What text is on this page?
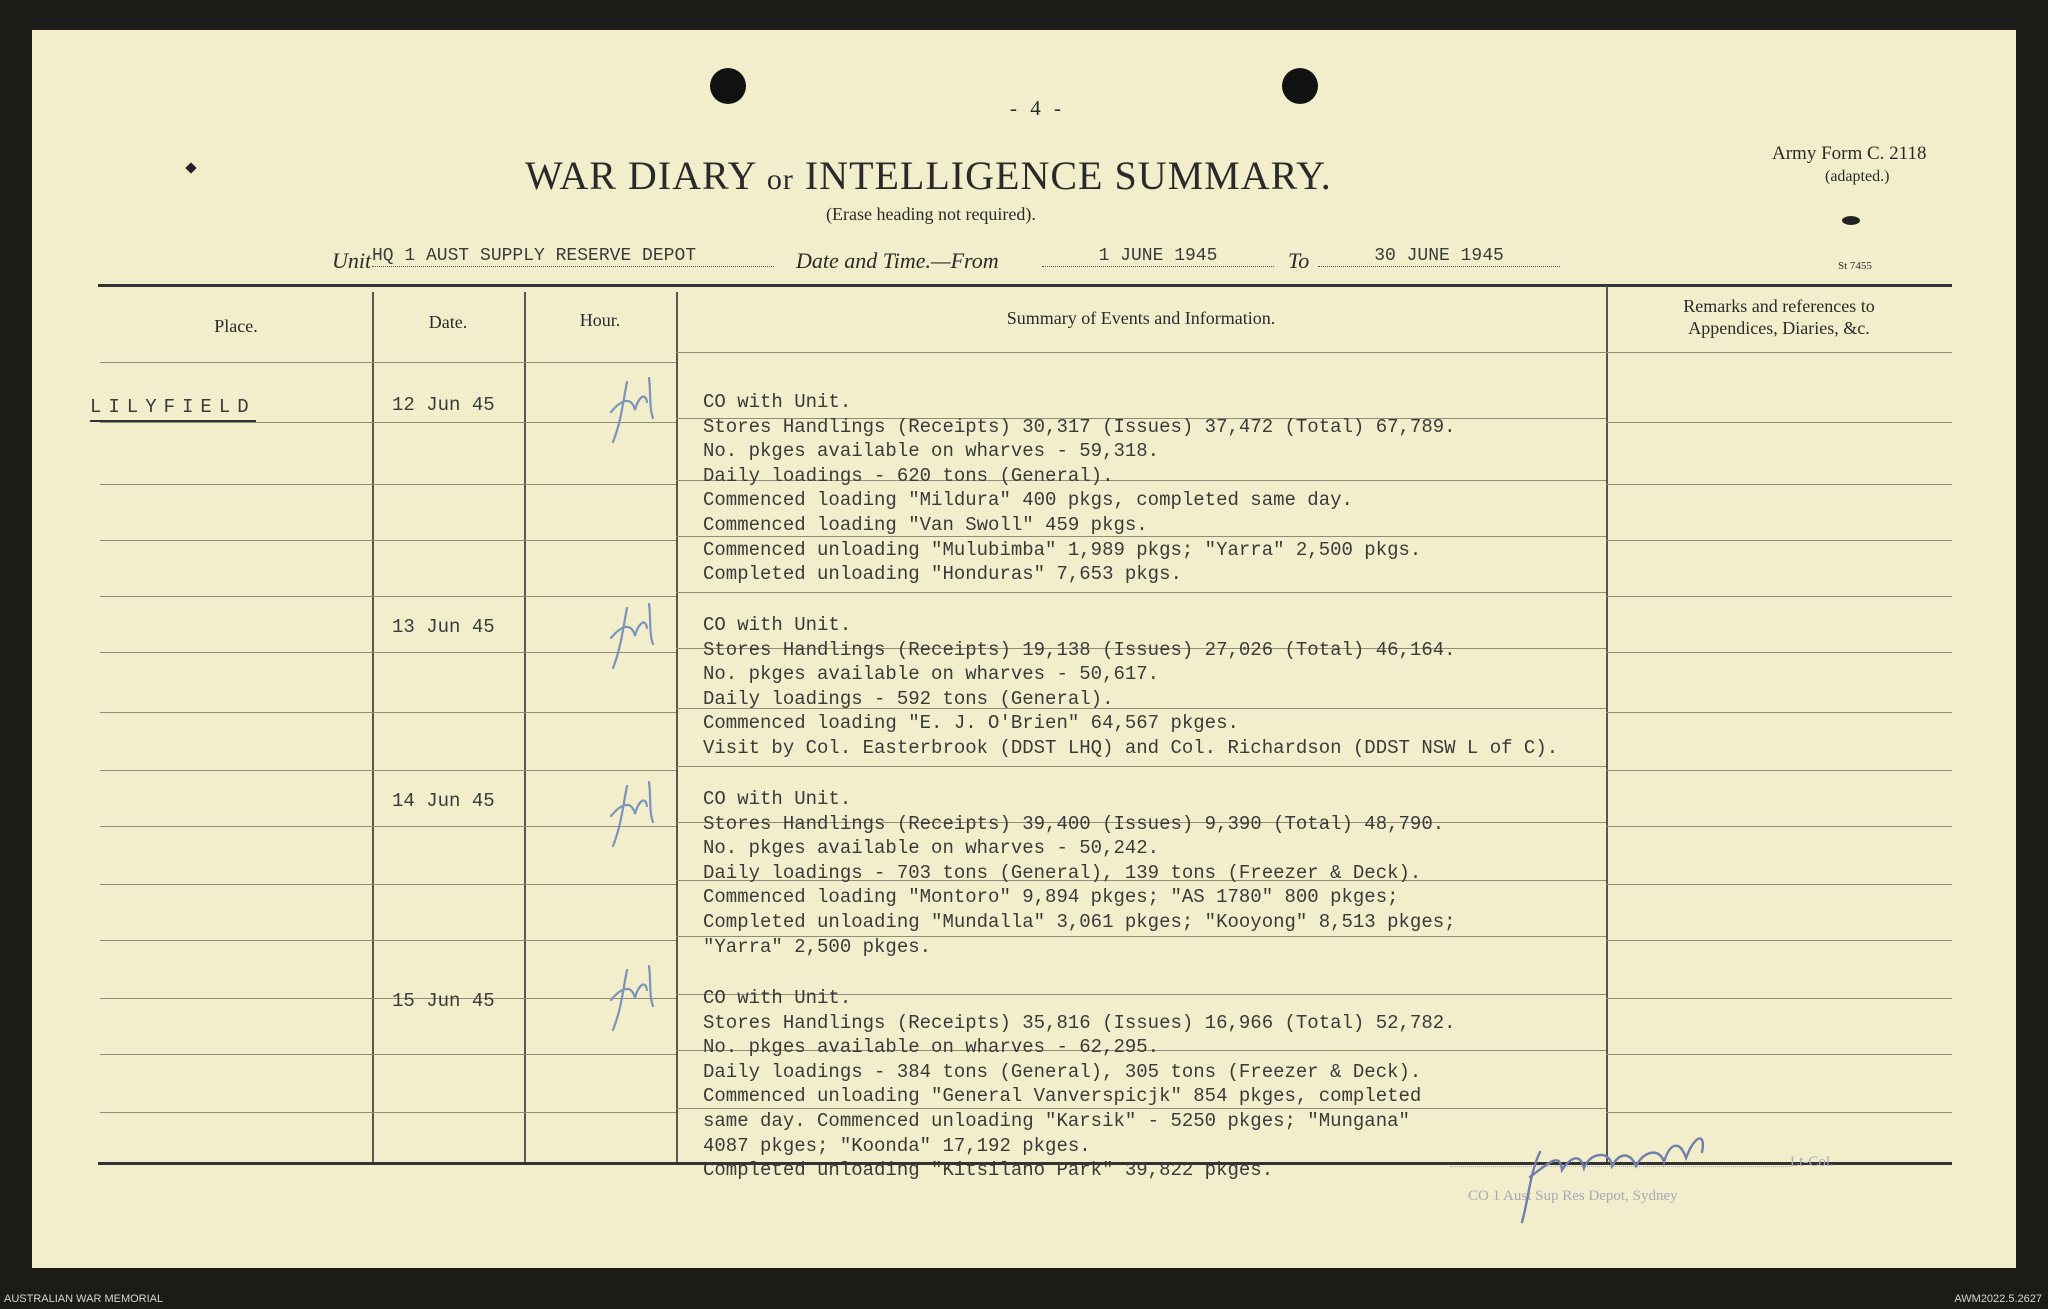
- 4 -
WAR DIARY or INTELLIGENCE SUMMARY.
(Erase heading not required).
Army Form C. 2118
(adapted.)
St 7455
Unit HQ 1 AUST SUPPLY RESERVE DEPOT	Date and Time.—From	1 JUNE 1945	To	30 JUNE 1945
Place.	Date.	Hour.	Summary of Events and Information.
Remarks and references to
Appendices, Diaries, &c.
LILYFIELD	12 Jun 45	CO with Unit.
Stores Handlings (Receipts) 30,317 (Issues) 37,472 (Total) 67,789.
No. pkges available on wharves - 59,318.
Daily loadings - 620 tons (General).
Commenced loading "Mildura" 400 pkgs, completed same day.
Commenced loading "Van Swoll" 459 pkgs.
Commenced unloading "Mulubimba" 1,989 pkgs; "Yarra" 2,500 pkgs.
Completed unloading "Honduras" 7,653 pkgs.
13 Jun 45	CO with Unit.
Stores Handlings (Receipts) 19,138 (Issues) 27,026 (Total) 46,164.
No. pkges available on wharves - 50,617.
Daily loadings - 592 tons (General).
Commenced loading "E. J. O'Brien" 64,567 pkges.
Visit by Col. Easterbrook (DDST LHQ) and Col. Richardson (DDST NSW L of C).
14 Jun 45	CO with Unit.
Stores Handlings (Receipts) 39,400 (Issues) 9,390 (Total) 48,790.
No. pkges available on wharves - 50,242.
Daily loadings - 703 tons (General), 139 tons (Freezer & Deck).
Commenced loading "Montoro" 9,894 pkges; "AS 1780" 800 pkges;
Completed unloading "Mundalla" 3,061 pkges; "Kooyong" 8,513 pkges;
"Yarra" 2,500 pkges.
15 Jun 45	CO with Unit.
Stores Handlings (Receipts) 35,816 (Issues) 16,966 (Total) 52,782.
No. pkges available on wharves - 62,295.
Daily loadings - 384 tons (General), 305 tons (Freezer & Deck).
Commenced unloading "General Vanverspicjk" 854 pkges, completed
same day. Commenced unloading "Karsik" - 5250 pkges; "Mungana"
4087 pkges; "Koonda" 17,192 pkges.
Completed unloading "Kitsilano Park" 39,822 pkges.	Lt-Col.
CO 1 Aust Sup Res Depot, Sydney
AUSTRALIAN WAR MEMORIAL	AWM2022.5.2627
